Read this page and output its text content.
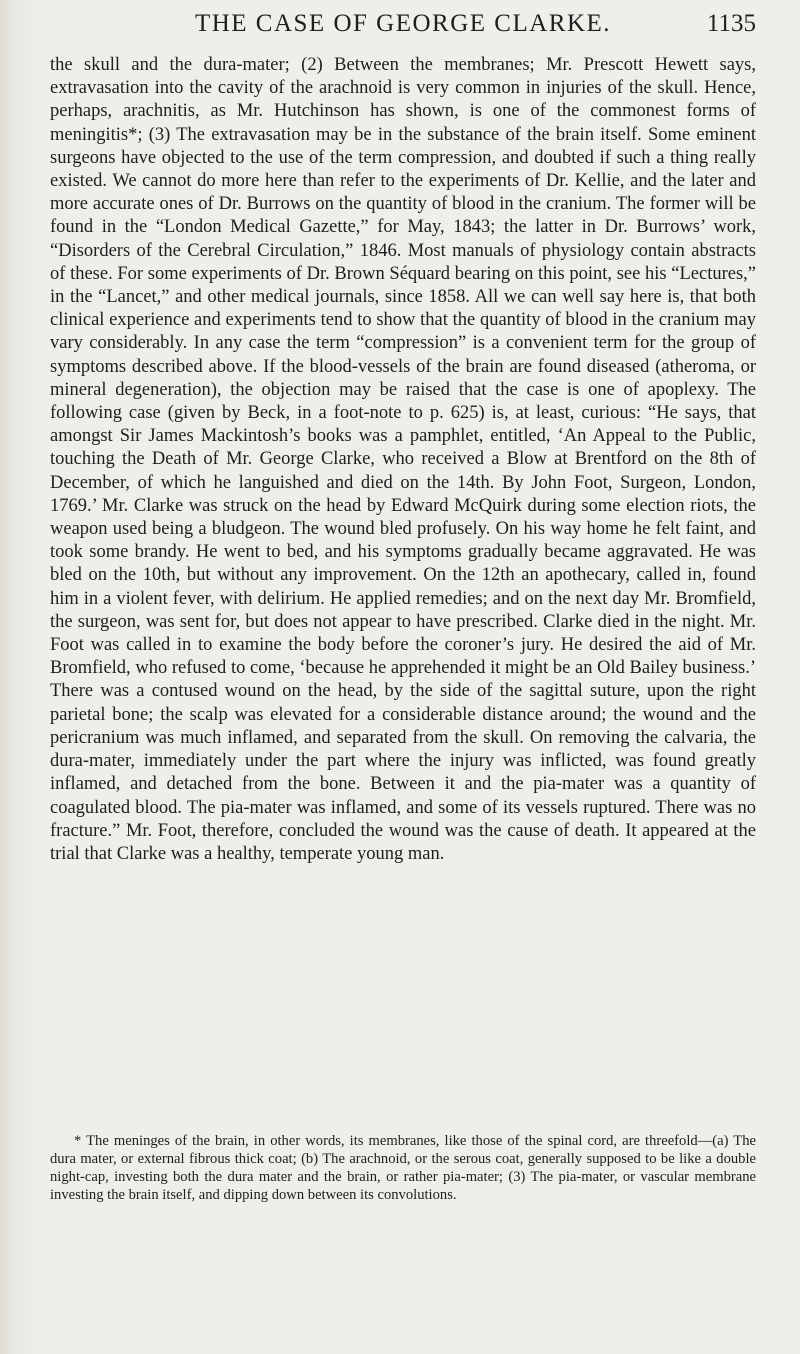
THE CASE OF GEORGE CLARKE.	1135

the skull and the dura-mater; (2) Between the membranes; Mr. Prescott Hewett says, extravasation into the cavity of the arachnoid is very common in injuries of the skull. Hence, perhaps, arachnitis, as Mr. Hutchinson has shown, is one of the commonest forms of meningitis*; (3) The extravasation may be in the substance of the brain itself. Some eminent surgeons have objected to the use of the term compression, and doubted if such a thing really existed. We cannot do more here than refer to the experiments of Dr. Kellie, and the later and more accurate ones of Dr. Burrows on the quantity of blood in the cranium. The former will be found in the “London Medical Gazette,” for May, 1843; the latter in Dr. Burrows’ work, “Disorders of the Cerebral Circulation,” 1846. Most manuals of physiology contain abstracts of these. For some experiments of Dr. Brown Séquard bearing on this point, see his “Lectures,” in the “Lancet,” and other medical journals, since 1858. All we can well say here is, that both clinical experience and experiments tend to show that the quantity of blood in the cranium may vary considerably. In any case the term “compression” is a convenient term for the group of symptoms described above. If the blood-vessels of the brain are found diseased (atheroma, or mineral degeneration), the objection may be raised that the case is one of apoplexy. The following case (given by Beck, in a foot-note to p. 625) is, at least, curious: “He says, that amongst Sir James Mackintosh’s books was a pamphlet, entitled, ‘An Appeal to the Public, touching the Death of Mr. George Clarke, who received a Blow at Brentford on the 8th of December, of which he languished and died on the 14th. By John Foot, Surgeon, London, 1769.’ Mr. Clarke was struck on the head by Edward McQuirk during some election riots, the weapon used being a bludgeon. The wound bled profusely. On his way home he felt faint, and took some brandy. He went to bed, and his symptoms gradually became aggravated. He was bled on the 10th, but without any improvement. On the 12th an apothecary, called in, found him in a violent fever, with delirium. He applied remedies; and on the next day Mr. Bromfield, the surgeon, was sent for, but does not appear to have prescribed. Clarke died in the night. Mr. Foot was called in to examine the body before the coroner’s jury. He desired the aid of Mr. Bromfield, who refused to come, ‘because he apprehended it might be an Old Bailey business.’ There was a contused wound on the head, by the side of the sagittal suture, upon the right parietal bone; the scalp was elevated for a considerable distance around; the wound and the pericranium was much inflamed, and separated from the skull. On removing the calvaria, the dura-mater, immediately under the part where the injury was inflicted, was found greatly inflamed, and detached from the bone. Between it and the pia-mater was a quantity of coagulated blood. The pia-mater was inflamed, and some of its vessels ruptured. There was no fracture.” Mr. Foot, therefore, concluded the wound was the cause of death. It appeared at the trial that Clarke was a healthy, temperate young man.

* The meninges of the brain, in other words, its membranes, like those of the spinal cord, are threefold—(a) The dura mater, or external fibrous thick coat; (b) The arachnoid, or the serous coat, generally supposed to be like a double night-cap, investing both the dura mater and the brain, or rather pia-mater; (3) The pia-mater, or vascular membrane investing the brain itself, and dipping down between its convolutions.
